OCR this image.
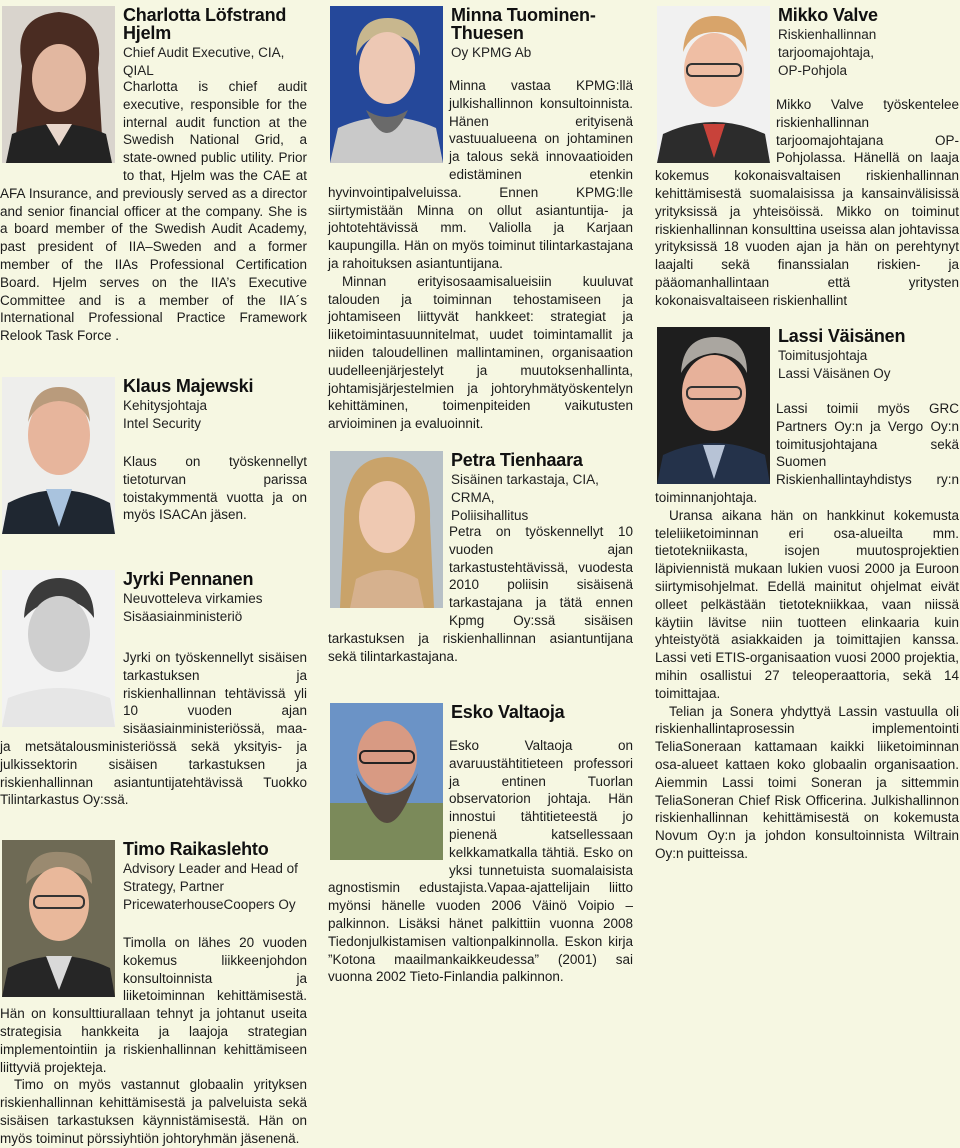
Charlotta Löfstrand Hjelm
Chief Audit Executive, CIA, QIAL

Charlotta is chief audit executive, responsible for the internal audit function at the Swedish National Grid, a state-owned public utility. Prior to that, Hjelm was the CAE at AFA Insurance, and previously served as a director and senior financial officer at the company. She is a board member of the Swedish Audit Academy, past president of IIA–Sweden and a former member of the IIAs Professional Certification Board. Hjelm serves on the IIA’s Executive Committee and is a member of the IIA´s International Professional Practice Framework Relook Task Force .

Klaus Majewski
Kehitysjohtaja
Intel Security

Klaus on työskennellyt tietoturvan parissa toistakymmentä vuotta ja on myös ISACAn jäsen.

Jyrki Pennanen
Neuvotteleva virkamies
Sisäasiainministeriö

Jyrki on työskennellyt sisäisen tarkastuksen ja riskienhallinnan tehtävissä yli 10 vuoden ajan sisäasiainministeriössä, maa- ja metsätalousministeriössä sekä yksityis- ja julkissektorin sisäisen tarkastuksen ja riskienhallinnan asiantuntijatehtävissä Tuokko Tilintarkastus Oy:ssä.

Timo Raikaslehto
Advisory Leader and Head of Strategy, Partner
PricewaterhouseCoopers Oy

Timolla on lähes 20 vuoden kokemus liikkeenjohdon konsultoinnista ja liiketoiminnan kehittämisestä. Hän on konsulttiurallaan tehnyt ja johtanut useita strategisia hankkeita ja laajoja strategian implementointiin ja riskienhallinnan kehittämiseen liittyviä projekteja.

Timo on myös vastannut globaalin yrityksen riskienhallinnan kehittämisestä ja palveluista sekä sisäisen tarkastuksen käynnistämisestä. Hän on myös toiminut pörssiyhtiön johtoryhmän jäsenenä.

Minna Tuominen-Thuesen
Oy KPMG Ab

Minna vastaa KPMG:llä julkishallinnon konsultoinnista. Hänen erityisenä vastuualueena on johtaminen ja talous sekä innovaatioiden edistäminen etenkin hyvinvointipalveluissa. Ennen KPMG:lle siirtymistään Minna on ollut asiantuntija- ja johtotehtävissä mm. Valiolla ja Karjaan kaupungilla. Hän on myös toiminut tilintarkastajana ja rahoituksen asiantuntijana.

Minnan erityisosaamisalueisiin kuuluvat talouden ja toiminnan tehostamiseen ja johtamiseen liittyvät hankkeet: strategiat ja liiketoimintasuunnitelmat, uudet toimintamallit ja niiden taloudellinen mallintaminen, organisaation uudelleenjärjestelyt ja muutoksenhallinta, johtamisjärjestelmien ja johtoryhmätyöskentelyn kehittäminen, toimenpiteiden vaikutusten arvioiminen ja evaluoinnit.

Petra Tienhaara
Sisäinen tarkastaja, CIA, CRMA,
Poliisihallitus

Petra on työskennellyt 10 vuoden ajan tarkastustehtävissä, vuodesta 2010 poliisin sisäisenä tarkastajana ja tätä ennen Kpmg Oy:ssä sisäisen tarkastuksen ja riskienhallinnan asiantuntijana sekä tilintarkastajana.

Esko Valtaoja

Esko Valtaoja on avaruustähtitieteen professori ja entinen Tuorlan observatorion johtaja. Hän innostui tähtitieteestä jo pienenä katsellessaan kelkkamatkalla tähtiä. Esko on yksi tunnetuista suomalaisista agnostismin edustajista.Vapaa-ajattelijain liitto myönsi hänelle vuoden 2006 Väinö Voipio –palkinnon. Lisäksi hänet palkittiin vuonna 2008 Tiedonjulkistamisen valtionpalkinnolla. Eskon kirja ”Kotona maailmankaikkeudessa” (2001) sai vuonna 2002 Tieto-Finlandia palkinnon.

Mikko Valve
Riskienhallinnan tarjoomajohtaja,
OP-Pohjola

Mikko Valve työskentelee riskienhallinnan tarjoomajohtajana OP-Pohjolassa. Hänellä on laaja kokemus kokonaisvaltaisen riskienhallinnan kehittämisestä suomalaisissa ja kansainvälisissä yrityksissä ja yhteisöissä. Mikko on toiminut riskienhallinnan konsulttina useissa alan johtavissa yrityksissä 18 vuoden ajan ja hän on perehtynyt laajalti sekä finanssialan riskien- ja pääomanhallintaan että yritysten kokonaisvaltaiseen riskienhallint

Lassi Väisänen
Toimitusjohtaja
Lassi Väisänen Oy

Lassi toimii myös GRC Partners Oy:n ja Vergo Oy:n toimitusjohtajana sekä Suomen Riskienhallintayhdistys ry:n toiminnanjohtaja.

Uransa aikana hän on hankkinut kokemusta teleliiketoiminnan eri osa-alueilta mm. tietotekniikasta, isojen muutosprojektien läpiviennistä mukaan lukien vuosi 2000 ja Euroon siirtymisohjelmat. Edellä mainitut ohjelmat eivät olleet pelkästään tietotekniikkaa, vaan niissä käytiin lävitse niin tuotteen elinkaaria kuin yhteistyötä asiakkaiden ja toimittajien kanssa. Lassi veti ETIS-organisaation vuosi 2000 projektia, mihin osallistui 27 teleoperaattoria, sekä 14 toimittajaa.

Telian ja Sonera yhdyttyä Lassin vastuulla oli riskienhallintaprosessin implementointi TeliaSoneraan kattamaan kaikki liiketoiminnan osa-alueet kattaen koko globaalin organisaation. Aiemmin Lassi toimi Soneran ja sittemmin TeliaSoneran Chief Risk Officerina. Julkishallinnon riskienhallinnan kehittämisestä on kokemusta Novum Oy:n ja johdon konsultoinnista Wiltrain Oy:n puitteissa.
